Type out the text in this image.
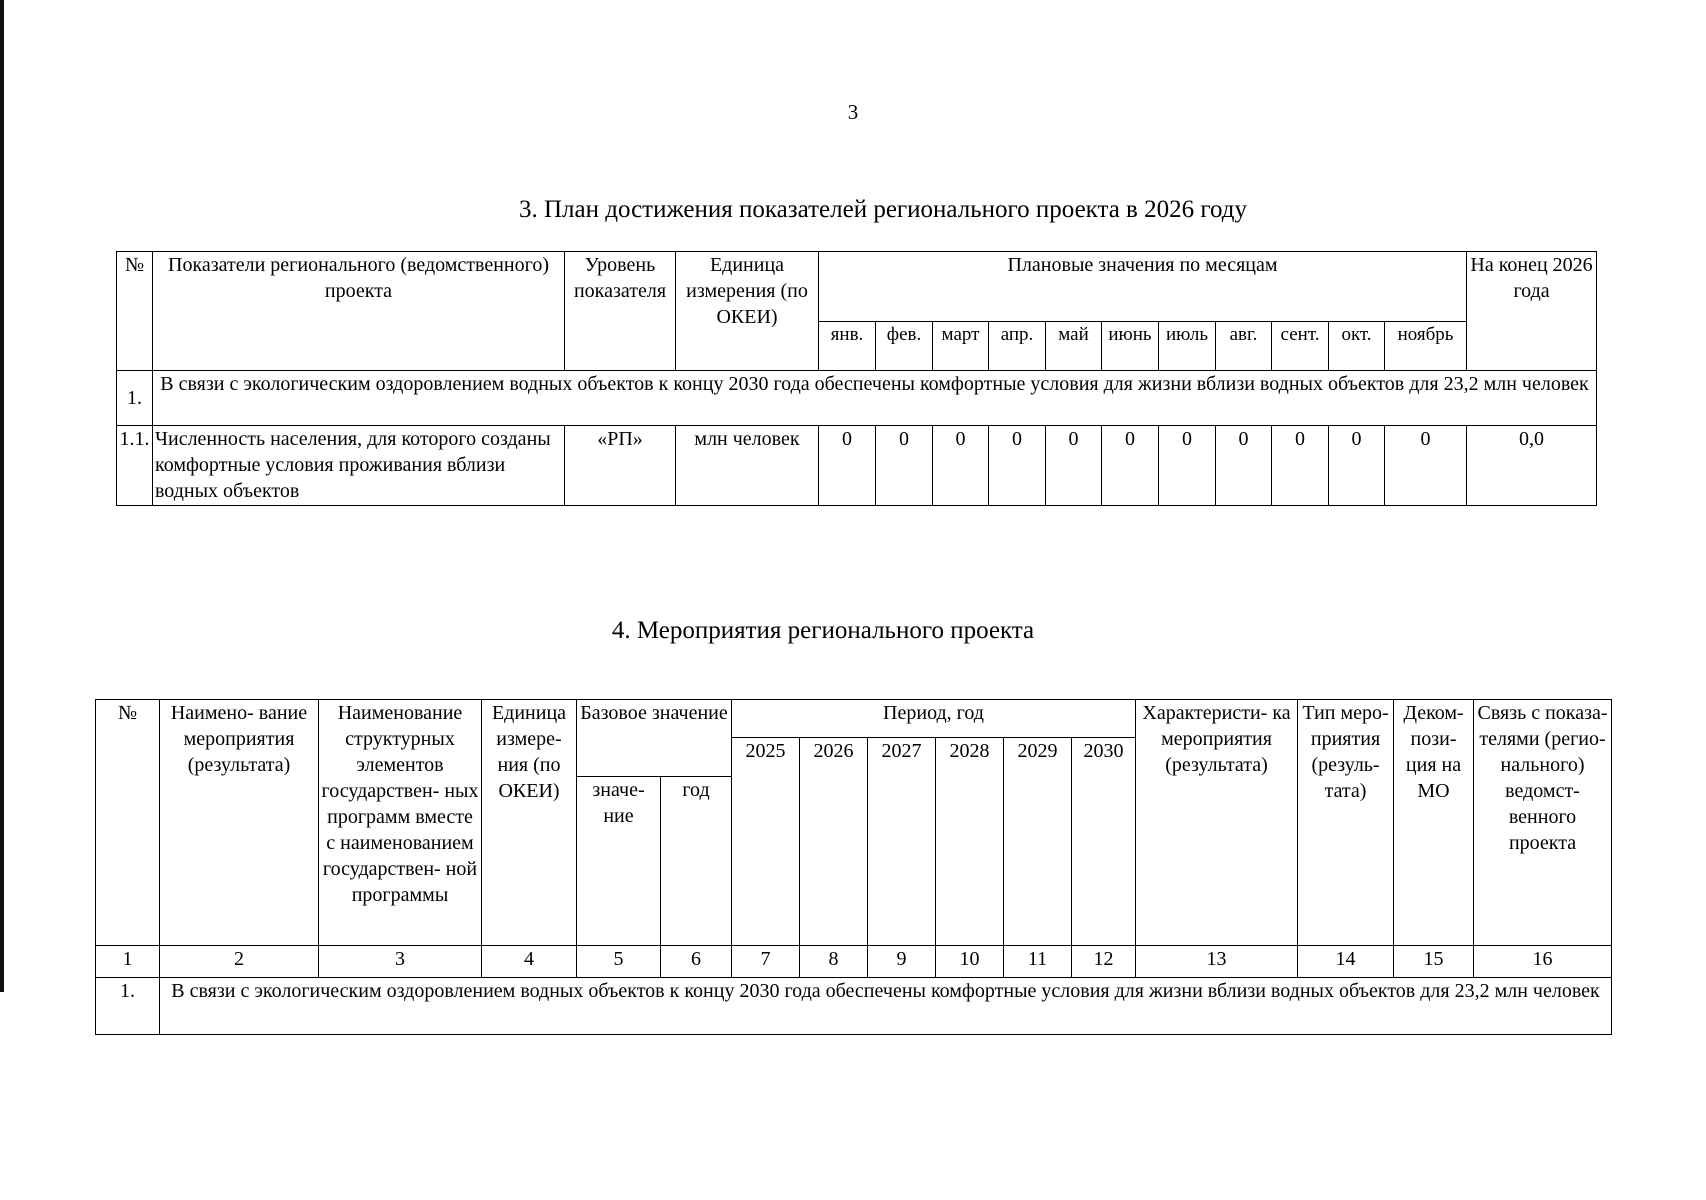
3
3. План достижения показателей регионального проекта в 2026 году
№	Показатели регионального (ведомственного) проекта	Уровень показателя	Единица измерения (по ОКЕИ)	Плановые значения по месяцам											На конец 2026 года
				янв.	фев.	март	апр.	май	июнь	июль	авг.	сент.	окт.	ноябрь	
1.	В связи с экологическим оздоровлением водных объектов к концу 2030 года обеспечены комфортные условия для жизни вблизи водных объектов для 23,2 млн человек														
1.1.	Численность населения, для которого созданы комфортные условия проживания вблизи водных объектов	«РП»	млн человек	0	0	0	0	0	0	0	0	0	0	0	0,0
4. Мероприятия регионального проекта
№	Наимено- вание мероприятия (результата)	Наименование структурных элементов государствен- ных программ вместе с наименованием государствен- ной программы	Единица измере- ния (по ОКЕИ)	Базовое значение		Период, год						Характеристи- ка мероприятия (результата)	Тип меро- приятия (резуль- тата)	Деком- пози- ция на МО	Связь с показа- телями (регио- нального) ведомст- венного проекта
						2025	2026	2027	2028	2029	2030				
				значе- ние	год										
1	2	3	4	5	6	7	8	9	10	11	12	13	14	15	16
1.	В связи с экологическим оздоровлением водных объектов к концу 2030 года обеспечены комфортные условия для жизни вблизи водных объектов для 23,2 млн человек														
